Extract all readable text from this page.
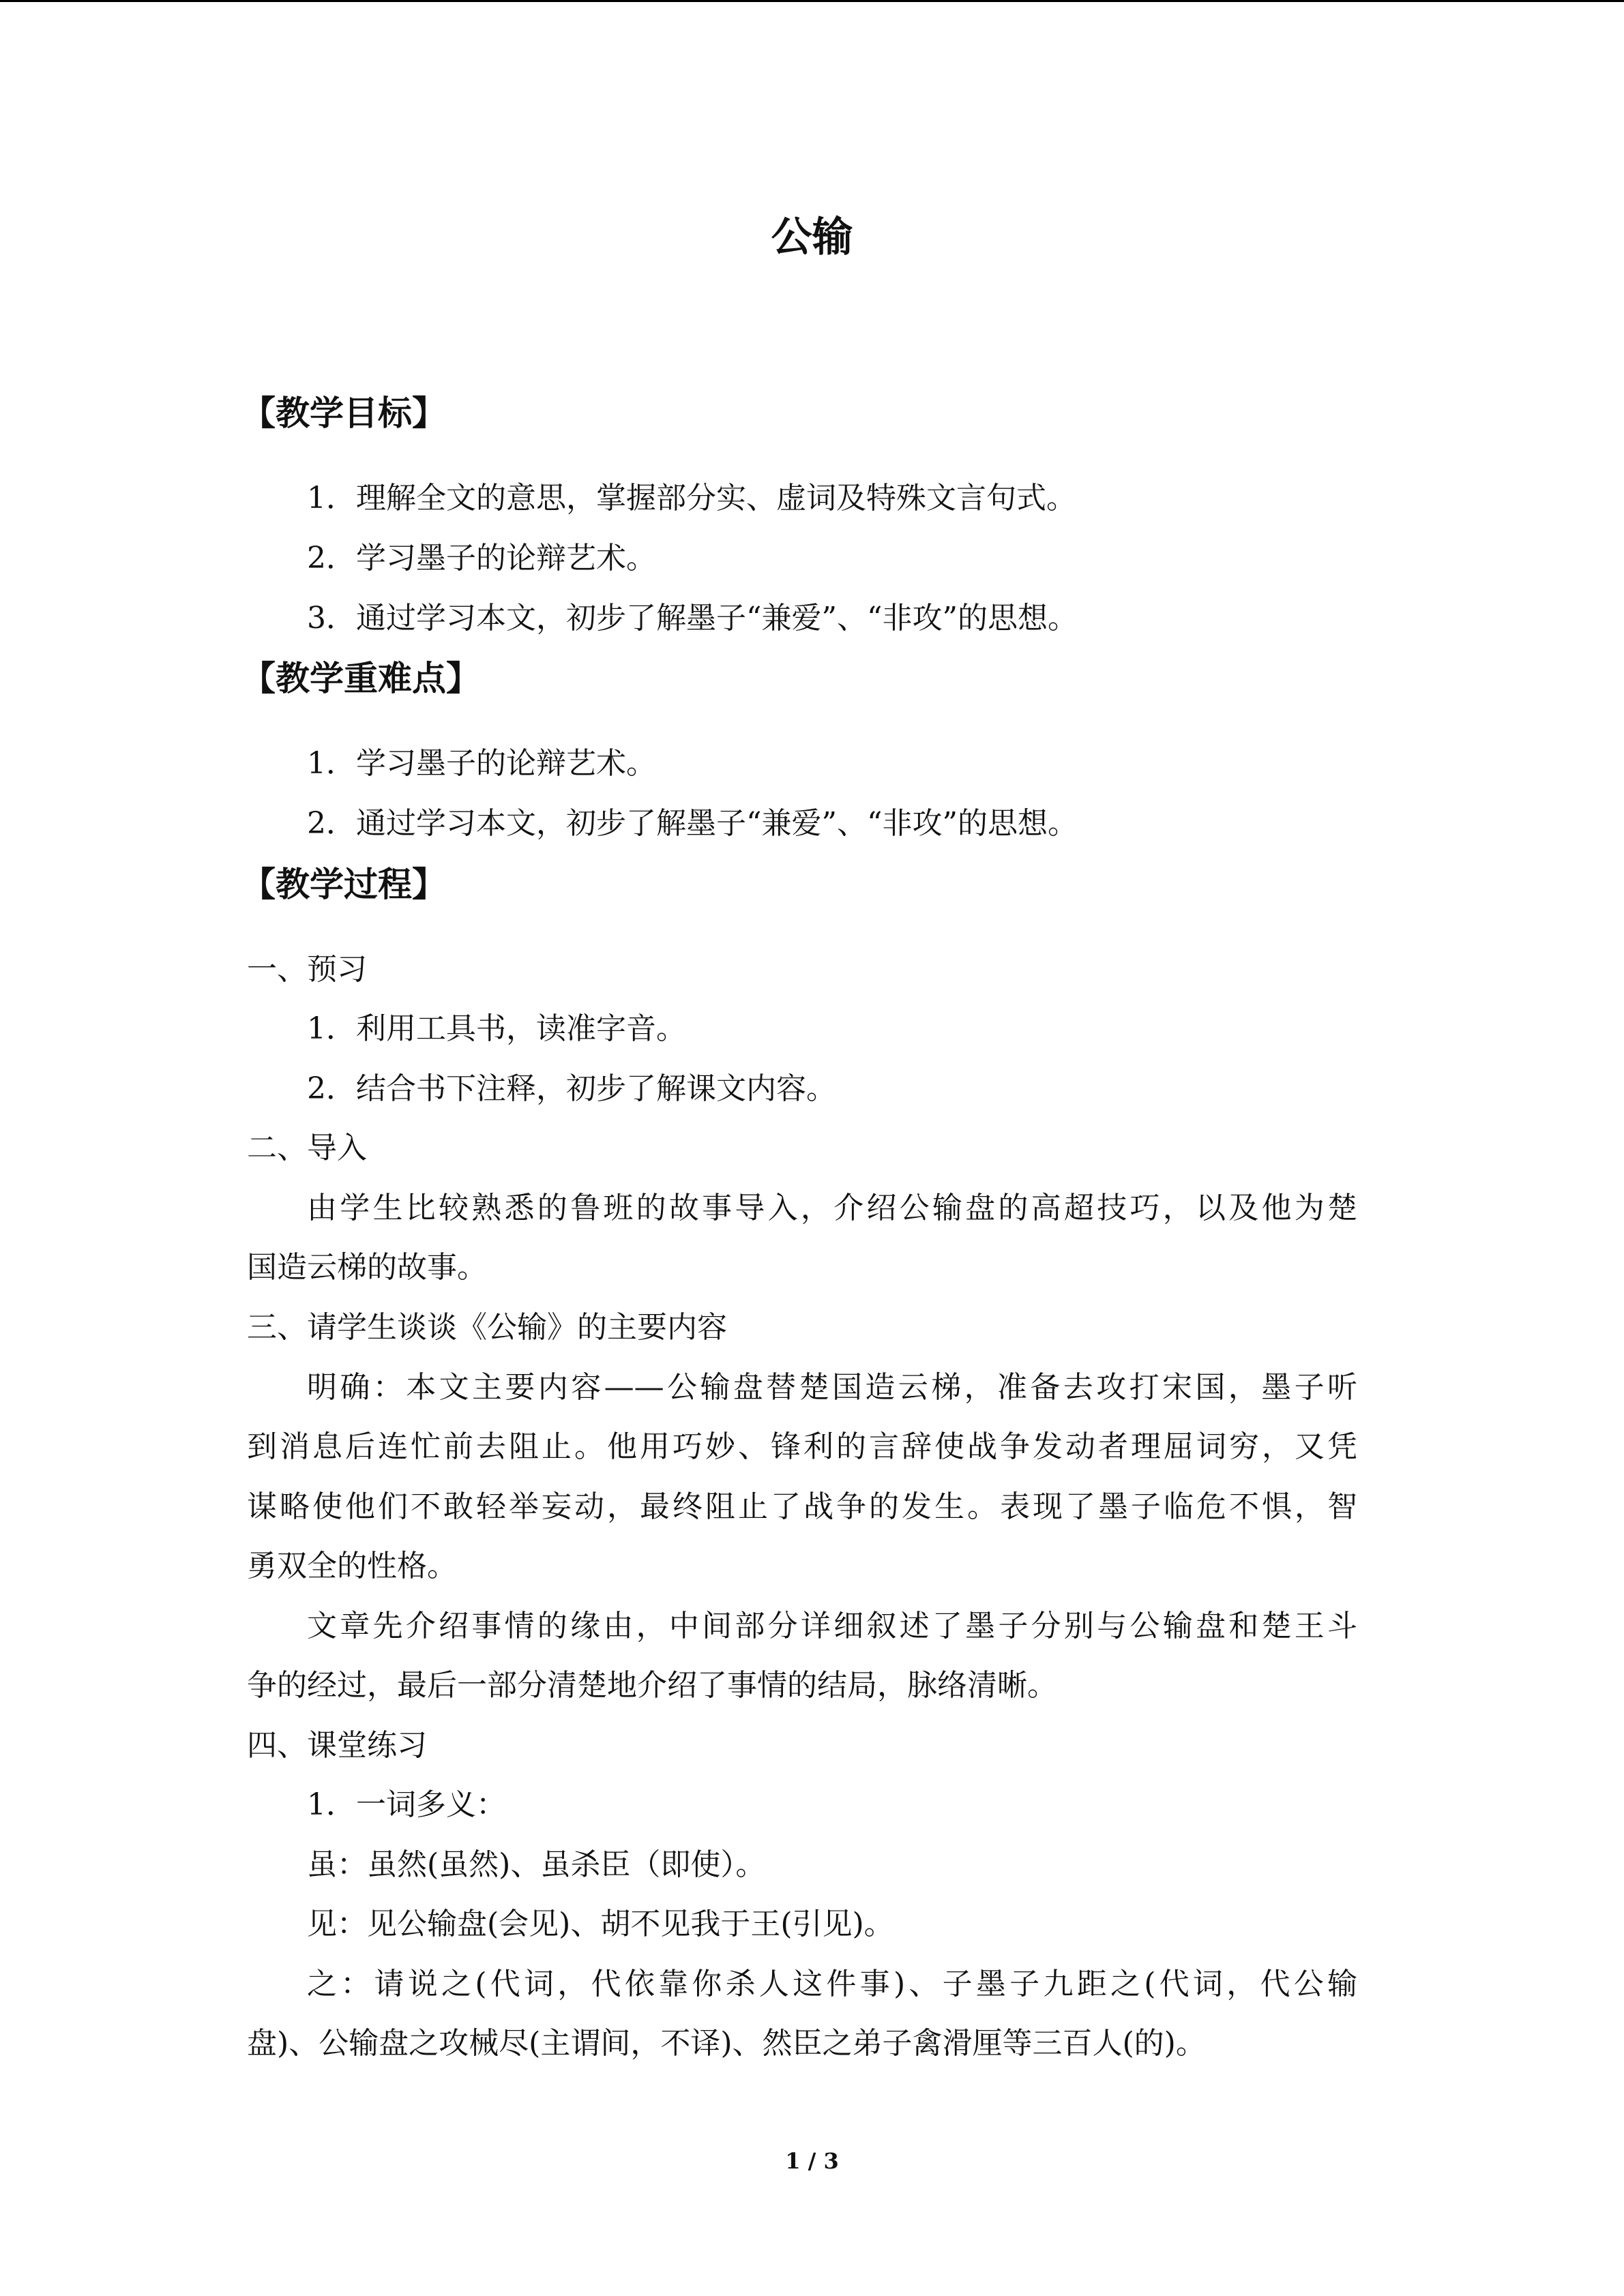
公输
【教学目标】
1．理解全文的意思，掌握部分实、虚词及特殊文言句式。
2．学习墨子的论辩艺术。
3．通过学习本文，初步了解墨子“兼爱”、“非攻”的思想。
【教学重难点】
1．学习墨子的论辩艺术。
2．通过学习本文，初步了解墨子“兼爱”、“非攻”的思想。
【教学过程】
一、预习
1．利用工具书，读准字音。
2．结合书下注释，初步了解课文内容。
二、导入
由学生比较熟悉的鲁班的故事导入，介绍公输盘的高超技巧，以及他为楚
国造云梯的故事。
三、请学生谈谈《公输》的主要内容
明确：本文主要内容——公输盘替楚国造云梯，准备去攻打宋国，墨子听
到消息后连忙前去阻止。他用巧妙、锋利的言辞使战争发动者理屈词穷，又凭
谋略使他们不敢轻举妄动，最终阻止了战争的发生。表现了墨子临危不惧，智
勇双全的性格。
文章先介绍事情的缘由，中间部分详细叙述了墨子分别与公输盘和楚王斗
争的经过，最后一部分清楚地介绍了事情的结局，脉络清晰。
四、课堂练习
1．一词多义：
虽：虽然(虽然)、虽杀臣（即使）。
见：见公输盘(会见)、胡不见我于王(引见)。
之：请说之(代词，代依靠你杀人这件事)、子墨子九距之(代词，代公输
盘)、公输盘之攻械尽(主谓间，不译)、然臣之弟子禽滑厘等三百人(的)。
1 / 3
